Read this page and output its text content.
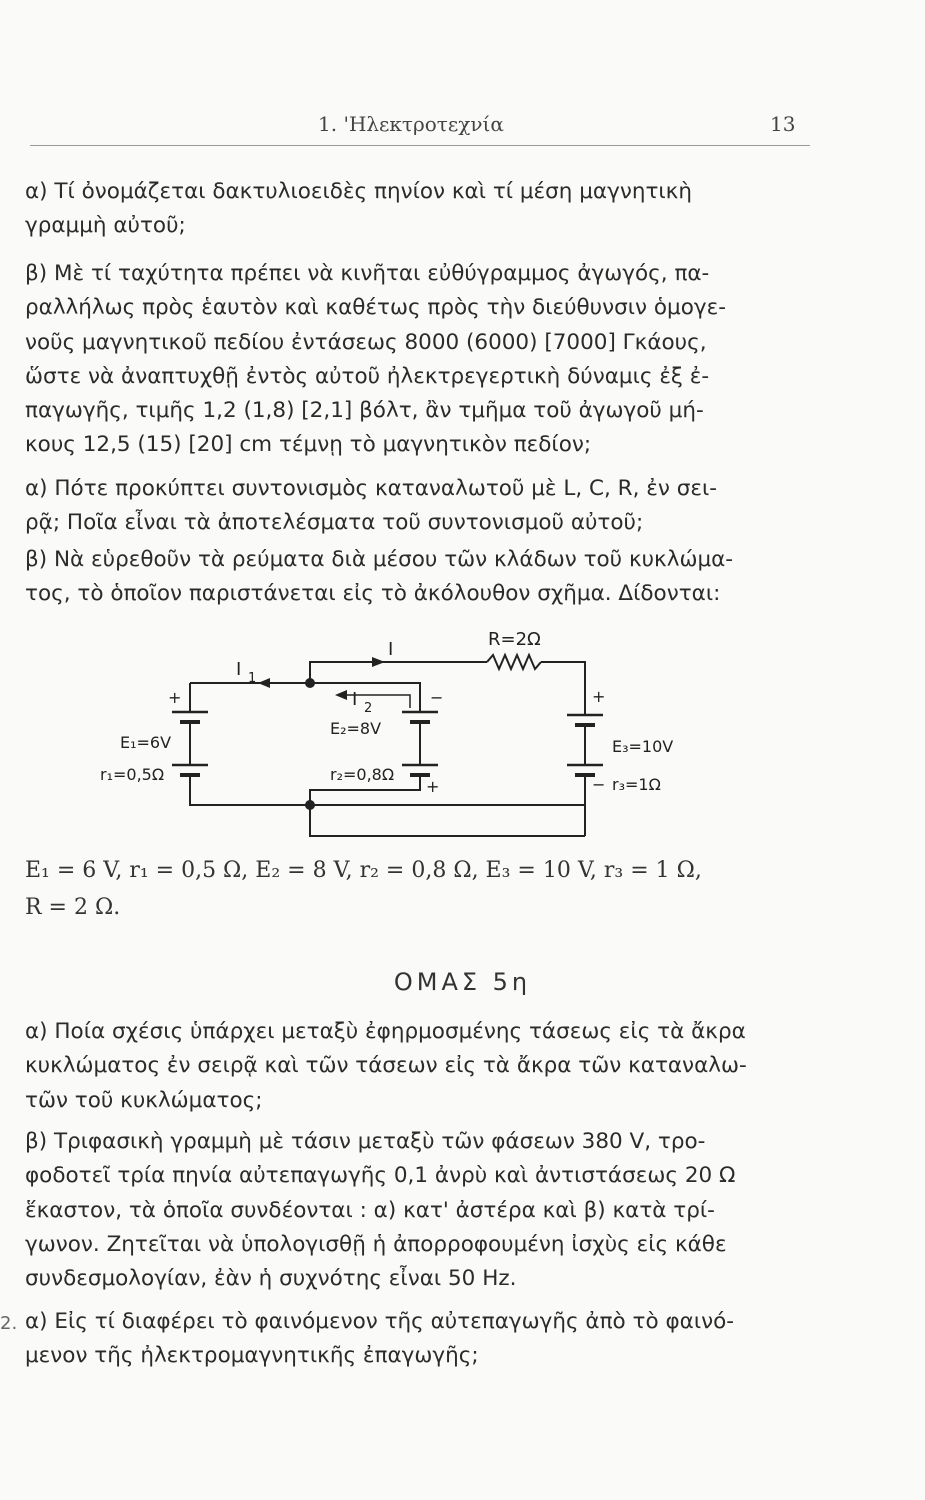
1. 'Ηλεκτροτεχνία	13

α) Τί ὀνομάζεται δακτυλιοειδὲς πηνίον καὶ τί μέση μαγνητικὴ

γραμμὴ αὐτοῦ;

β) Μὲ τί ταχύτητα πρέπει νὰ κινῆται εὐθύγραμμος ἀγωγός, πα-

ραλλήλως πρὸς ἑαυτὸν καὶ καθέτως πρὸς τὴν διεύθυνσιν ὁμογε-

νοῦς μαγνητικοῦ πεδίου ἐντάσεως 8000 (6000) [7000] Γκάους,

ὥστε νὰ ἀναπτυχθῇ ἐντὸς αὐτοῦ ἠλεκτρεγερτικὴ δύναμις ἐξ ἐ-

παγωγῆς, τιμῆς 1,2 (1,8) [2,1] βόλτ, ἂν τμῆμα τοῦ ἀγωγοῦ μή-

κους 12,5 (15) [20] cm τέμνῃ τὸ μαγνητικὸν πεδίον;

α) Πότε προκύπτει συντονισμὸς καταναλωτοῦ μὲ L, C, R, ἐν σει-

ρᾷ; Ποῖα εἶναι τὰ ἀποτελέσματα τοῦ συντονισμοῦ αὐτοῦ;

β) Νὰ εὑρεθοῦν τὰ ρεύματα διὰ μέσου τῶν κλάδων τοῦ κυκλώμα-

τος, τὸ ὁποῖον παριστάνεται εἰς τὸ ἀκόλουθον σχῆμα. Δίδονται:

R=2Ω
I
I 1
I 2
+	−	+
+	−
E₁=6V
r₁=0,5Ω
E₂=8V
r₂=0,8Ω
E₃=10V
r₃=1Ω
E₁ = 6 V, r₁ = 0,5 Ω, E₂ = 8 V, r₂ = 0,8 Ω, E₃ = 10 V, r₃ = 1 Ω,
R = 2 Ω.
ΟΜΑΣ 5η

α) Ποία σχέσις ὑπάρχει μεταξὺ ἐφηρμοσμένης τάσεως εἰς τὰ ἄκρα

κυκλώματος ἐν σειρᾷ καὶ τῶν τάσεων εἰς τὰ ἄκρα τῶν καταναλω-

τῶν τοῦ κυκλώματος;

β) Τριφασικὴ γραμμὴ μὲ τάσιν μεταξὺ τῶν φάσεων 380 V, τρο-

φοδοτεῖ τρία πηνία αὐτεπαγωγῆς 0,1 ἀνρὺ καὶ ἀντιστάσεως 20 Ω

ἕκαστον, τὰ ὁποῖα συνδέονται : α) κατ' ἀστέρα καὶ β) κατὰ τρί-

γωνον. Ζητεῖται νὰ ὑπολογισθῇ ἡ ἀπορροφουμένη ἰσχὺς εἰς κάθε

συνδεσμολογίαν, ἐὰν ἡ συχνότης εἶναι 50 Hz.

2. α) Εἰς τί διαφέρει τὸ φαινόμενον τῆς αὐτεπαγωγῆς ἀπὸ τὸ φαινό-

μενον τῆς ἠλεκτρομαγνητικῆς ἐπαγωγῆς;
